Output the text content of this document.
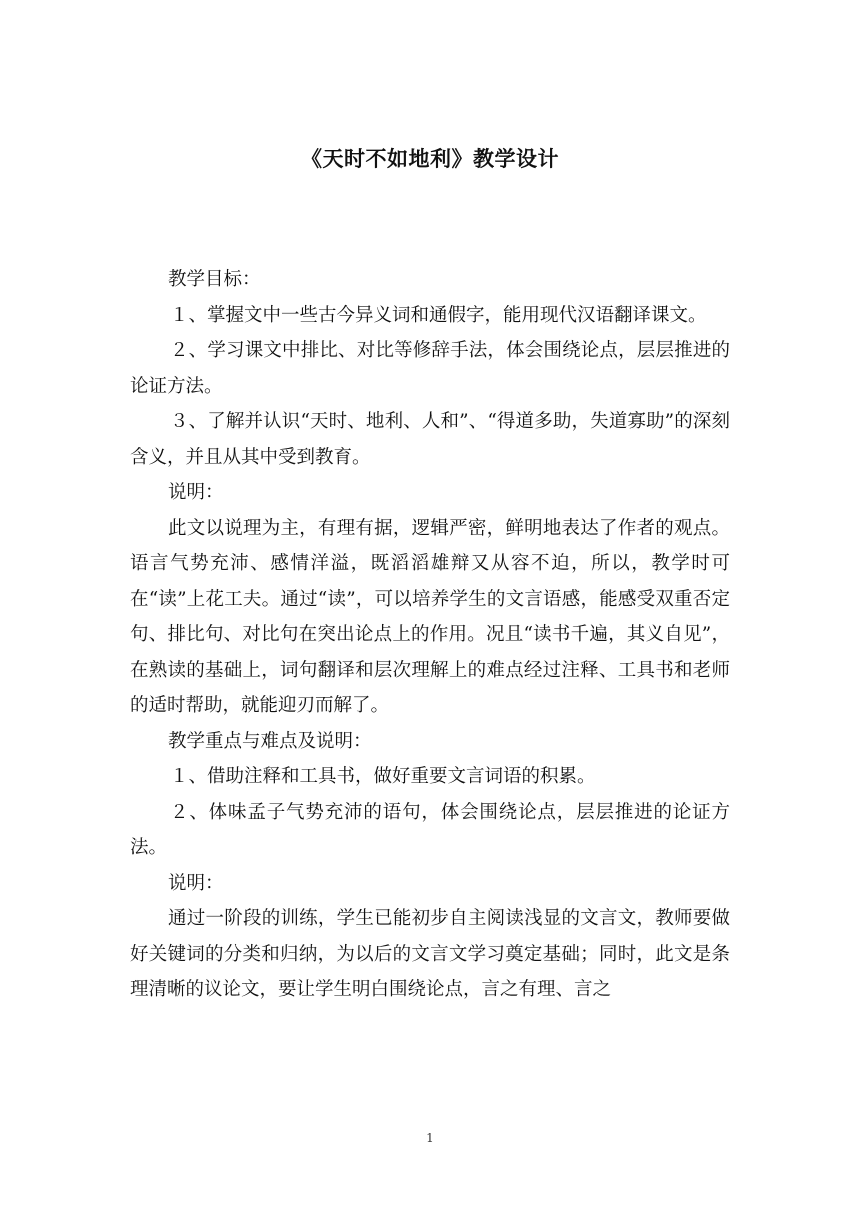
《天时不如地利》教学设计

教学目标：

１、掌握文中一些古今异义词和通假字，能用现代汉语翻译课文。

２、学习课文中排比、对比等修辞手法，体会围绕论点，层层推进的论证方法。

３、了解并认识“天时、地利、人和”、“得道多助，失道寡助”的深刻含义，并且从其中受到教育。

说明：

此文以说理为主，有理有据，逻辑严密，鲜明地表达了作者的观点。语言气势充沛、感情洋溢，既滔滔雄辩又从容不迫，所以，教学时可在“读”上花工夫。通过“读”，可以培养学生的文言语感，能感受双重否定句、排比句、对比句在突出论点上的作用。况且“读书千遍，其义自见”，在熟读的基础上，词句翻译和层次理解上的难点经过注释、工具书和老师的适时帮助，就能迎刃而解了。

教学重点与难点及说明：

１、借助注释和工具书，做好重要文言词语的积累。

２、体味孟子气势充沛的语句，体会围绕论点，层层推进的论证方法。

说明：

通过一阶段的训练，学生已能初步自主阅读浅显的文言文，教师要做好关键词的分类和归纳，为以后的文言文学习奠定基础；同时，此文是条理清晰的议论文，要让学生明白围绕论点，言之有理、言之

1
